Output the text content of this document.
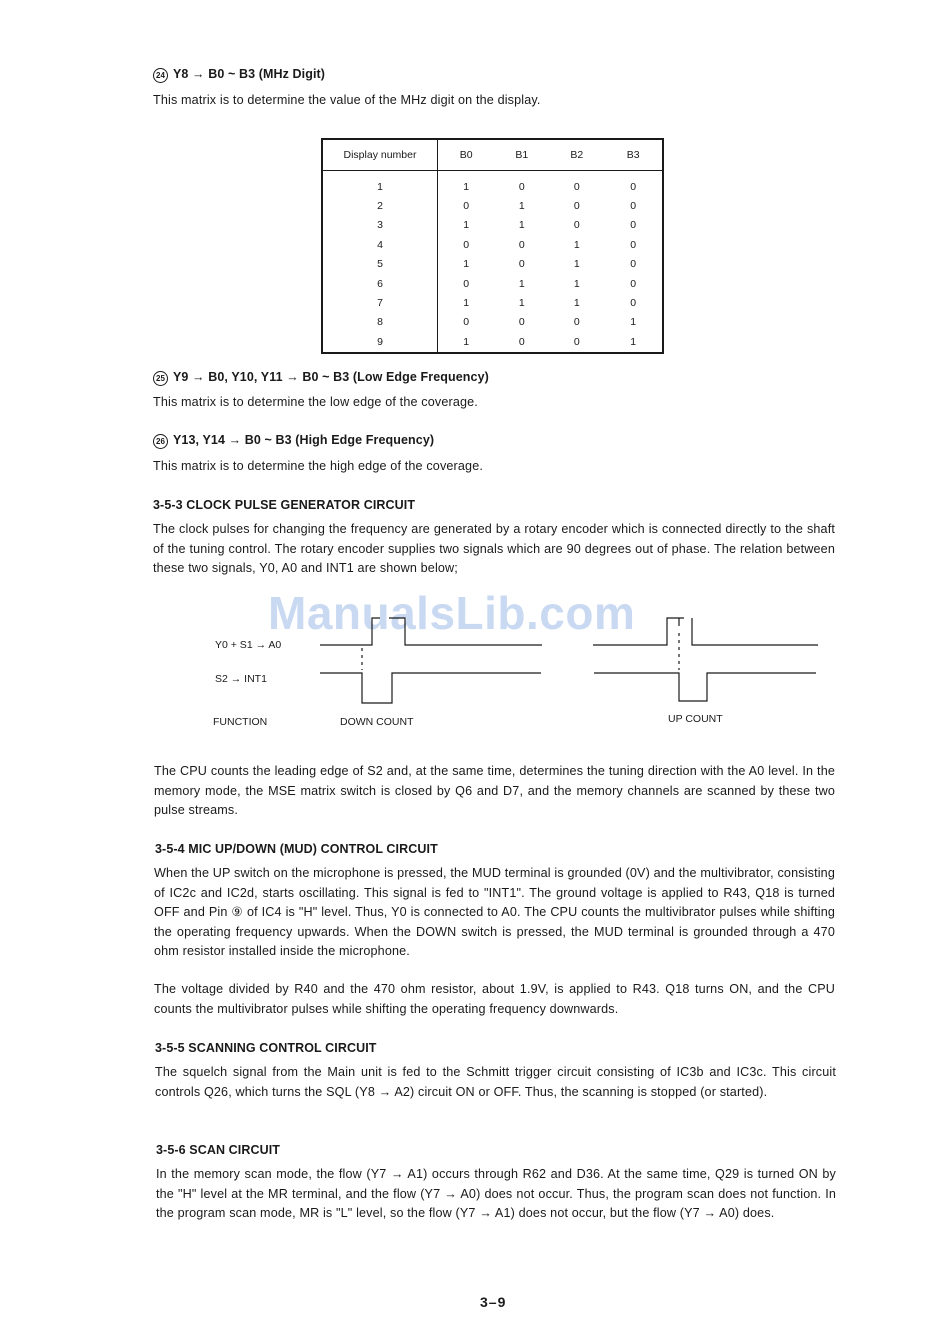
24 Y8 → B0 ~ B3 (MHz Digit)
This matrix is to determine the value of the MHz digit on the display.
Display number	B0	B1	B2	B3
1	1	0	0	0
2	0	1	0	0
3	1	1	0	0
4	0	0	1	0
5	1	0	1	0
6	0	1	1	0
7	1	1	1	0
8	0	0	0	1
9	1	0	0	1
25 Y9 → B0, Y10, Y11 → B0 ~ B3 (Low Edge Frequency)
This matrix is to determine the low edge of the coverage.
26 Y13, Y14 → B0 ~ B3 (High Edge Frequency)
This matrix is to determine the high edge of the coverage.
3-5-3 CLOCK PULSE GENERATOR CIRCUIT
The clock pulses for changing the frequency are generated by a rotary encoder which is connected directly to the shaft of the tuning control. The rotary encoder supplies two signals which are 90 degrees out of phase. The relation between these two signals, Y0, A0 and INT1 are shown below;
ManualsLib.com
Y0 + S1 → A0
S2 → INT1
FUNCTION	DOWN COUNT	UP COUNT
The CPU counts the leading edge of S2 and, at the same time, determines the tuning direction with the A0 level. In the memory mode, the MSE matrix switch is closed by Q6 and D7, and the memory channels are scanned by these two pulse streams.
3-5-4 MIC UP/DOWN (MUD) CONTROL CIRCUIT
When the UP switch on the microphone is pressed, the MUD terminal is grounded (0V) and the multivibrator, consisting of IC2c and IC2d, starts oscillating. This signal is fed to "INT1". The ground voltage is applied to R43, Q18 is turned OFF and Pin ⑨ of IC4 is "H" level. Thus, Y0 is connected to A0. The CPU counts the multivibrator pulses while shifting the operating frequency upwards. When the DOWN switch is pressed, the MUD terminal is grounded through a 470 ohm resistor installed inside the microphone.
The voltage divided by R40 and the 470 ohm resistor, about 1.9V, is applied to R43. Q18 turns ON, and the CPU counts the multivibrator pulses while shifting the operating frequency downwards.
3-5-5 SCANNING CONTROL CIRCUIT
The squelch signal from the Main unit is fed to the Schmitt trigger circuit consisting of IC3b and IC3c. This circuit controls Q26, which turns the SQL (Y8 → A2) circuit ON or OFF. Thus, the scanning is stopped (or started).
3-5-6 SCAN CIRCUIT
In the memory scan mode, the flow (Y7 → A1) occurs through R62 and D36. At the same time, Q29 is turned ON by the "H" level at the MR terminal, and the flow (Y7 → A0) does not occur. Thus, the program scan does not function. In the program scan mode, MR is "L" level, so the flow (Y7 → A1) does not occur, but the flow (Y7 → A0) does.
3–9
